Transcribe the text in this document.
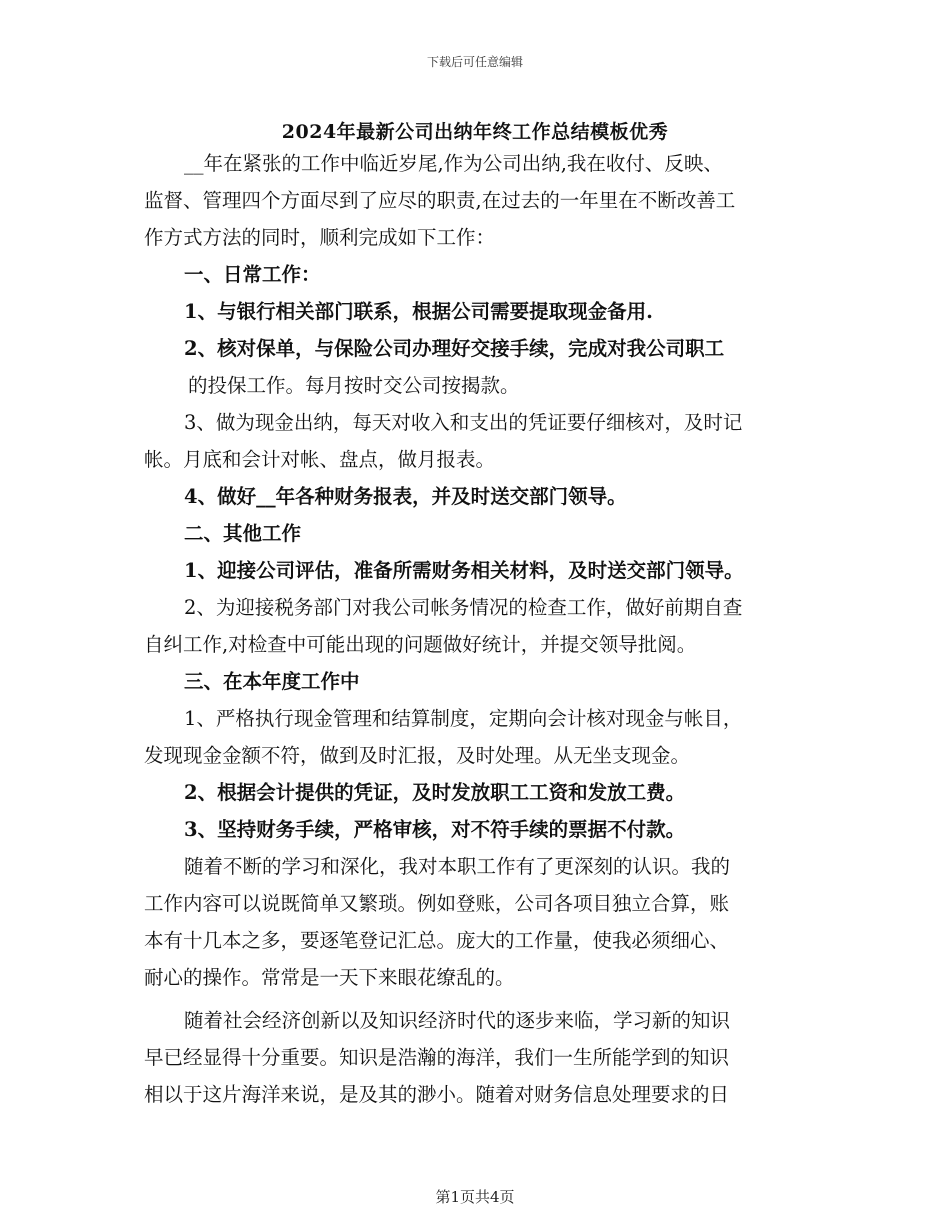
下载后可任意编辑
2024年最新公司出纳年终工作总结模板优秀

__年在紧张的工作中临近岁尾,作为公司出纳,我在收付、反映、

监督、管理四个方面尽到了应尽的职责,在过去的一年里在不断改善工

作方式方法的同时，顺利完成如下工作：

一、日常工作：

1、与银行相关部门联系，根据公司需要提取现金备用.

2、核对保单，与保险公司办理好交接手续，完成对我公司职工

的投保工作。每月按时交公司按揭款。

3、做为现金出纳，每天对收入和支出的凭证要仔细核对，及时记

帐。月底和会计对帐、盘点，做月报表。

4、做好__年各种财务报表，并及时送交部门领导。

二、其他工作

1、迎接公司评估，准备所需财务相关材料，及时送交部门领导。

2、为迎接税务部门对我公司帐务情况的检查工作，做好前期自查

自纠工作,对检查中可能出现的问题做好统计，并提交领导批阅。

三、在本年度工作中

1、严格执行现金管理和结算制度，定期向会计核对现金与帐目，

发现现金金额不符，做到及时汇报，及时处理。从无坐支现金。

2、根据会计提供的凭证，及时发放职工工资和发放工费。

3、坚持财务手续，严格审核，对不符手续的票据不付款。

随着不断的学习和深化，我对本职工作有了更深刻的认识。我的

工作内容可以说既简单又繁琐。例如登账，公司各项目独立合算，账

本有十几本之多，要逐笔登记汇总。庞大的工作量，使我必须细心、

耐心的操作。常常是一天下来眼花缭乱的。

随着社会经济创新以及知识经济时代的逐步来临，学习新的知识

早已经显得十分重要。知识是浩瀚的海洋，我们一生所能学到的知识

相以于这片海洋来说，是及其的渺小。随着对财务信息处理要求的日

第1页共4页
